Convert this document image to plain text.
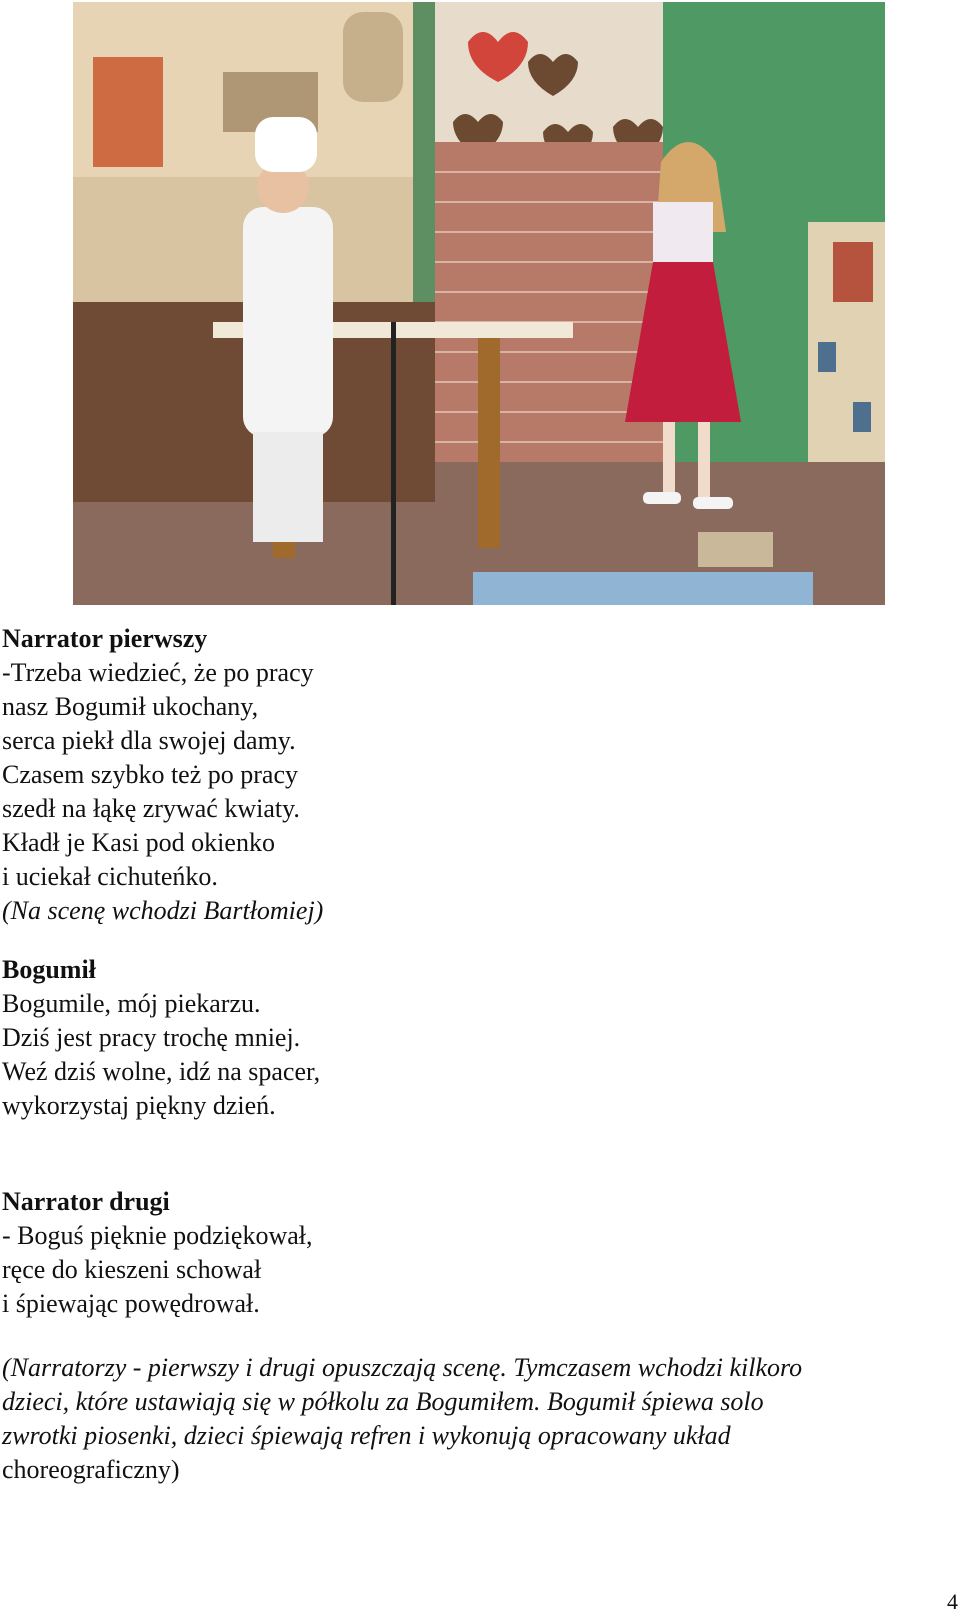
Narrator pierwszy
-Trzeba wiedzieć, że po pracy
nasz Bogumił ukochany,
serca piekł dla swojej damy.
Czasem szybko też po pracy
szedł na łąkę zrywać kwiaty.
Kładł je Kasi pod okienko
i uciekał cichuteńko.
(Na scenę wchodzi Bartłomiej)
Bogumił
Bogumile, mój piekarzu.
Dziś jest pracy trochę mniej.
Weź dziś wolne, idź na spacer,
wykorzystaj piękny dzień.
Narrator drugi
- Boguś pięknie podziękował,
ręce do kieszeni schował
i śpiewając powędrował.
(Narratorzy - pierwszy i drugi opuszczają scenę. Tymczasem wchodzi kilkoro
dzieci, które ustawiają się w półkolu za Bogumiłem. Bogumił śpiewa solo
zwrotki piosenki, dzieci śpiewają refren i wykonują opracowany układ
choreograficzny)
4
